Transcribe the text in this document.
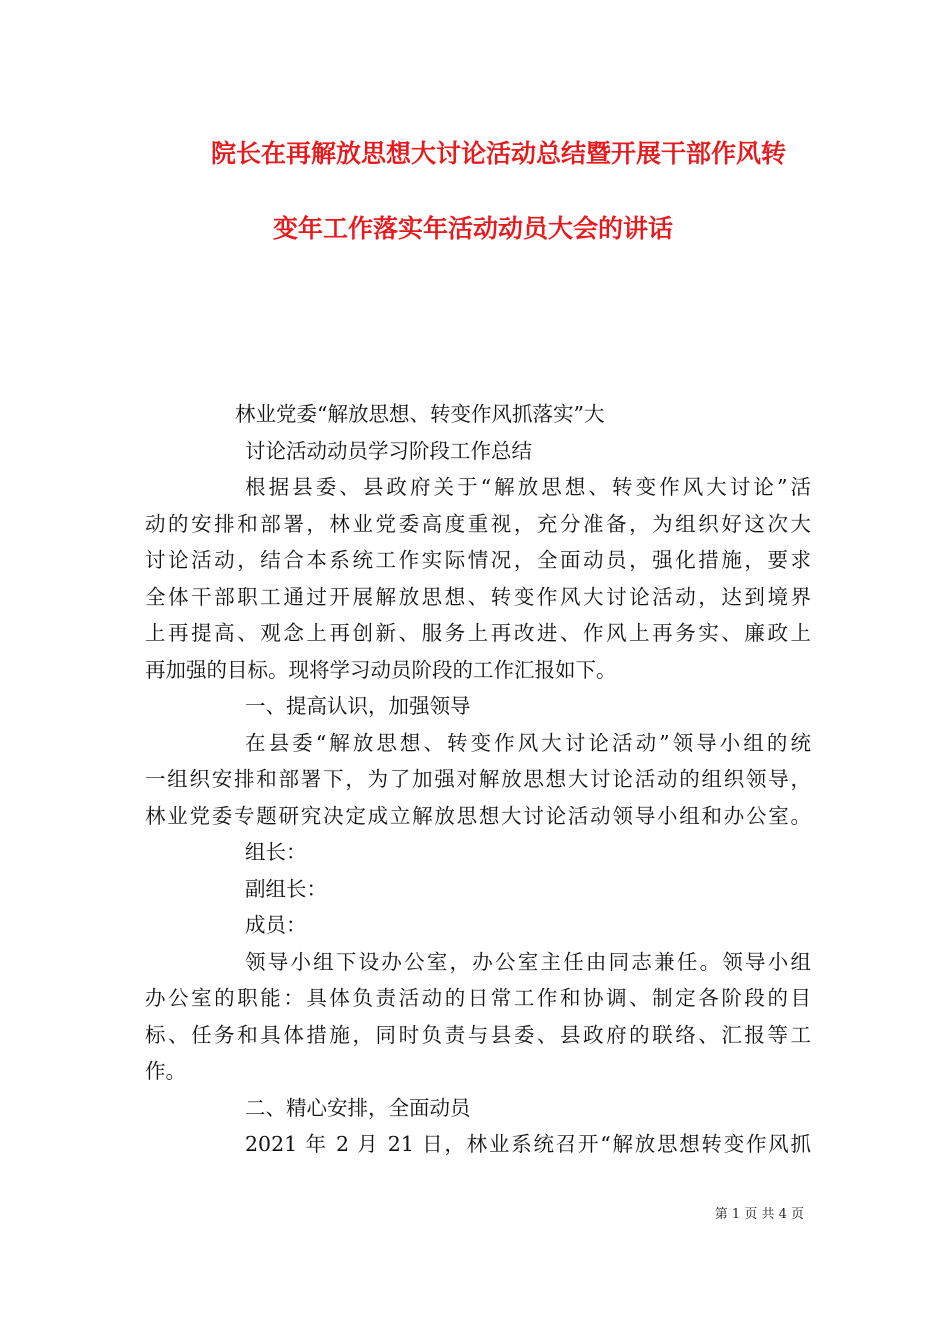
院长在再解放思想大讨论活动总结暨开展干部作风转
变年工作落实年活动动员大会的讲话
林业党委“解放思想、转变作风抓落实”大
讨论活动动员学习阶段工作总结
根据县委、县政府关于“解放思想、转变作风大讨论”活
动的安排和部署，林业党委高度重视，充分准备，为组织好这次大
讨论活动，结合本系统工作实际情况，全面动员，强化措施，要求
全体干部职工通过开展解放思想、转变作风大讨论活动，达到境界
上再提高、观念上再创新、服务上再改进、作风上再务实、廉政上
再加强的目标。现将学习动员阶段的工作汇报如下。
一、提高认识，加强领导
在县委“解放思想、转变作风大讨论活动”领导小组的统
一组织安排和部署下，为了加强对解放思想大讨论活动的组织领导，
林业党委专题研究决定成立解放思想大讨论活动领导小组和办公室。
组长：
副组长：
成员：
领导小组下设办公室，办公室主任由同志兼任。领导小组
办公室的职能：具体负责活动的日常工作和协调、制定各阶段的目
标、任务和具体措施，同时负责与县委、县政府的联络、汇报等工
作。
二、精心安排，全面动员
2021 年 2 月 21 日，林业系统召开“解放思想转变作风抓
第 1 页 共 4 页
